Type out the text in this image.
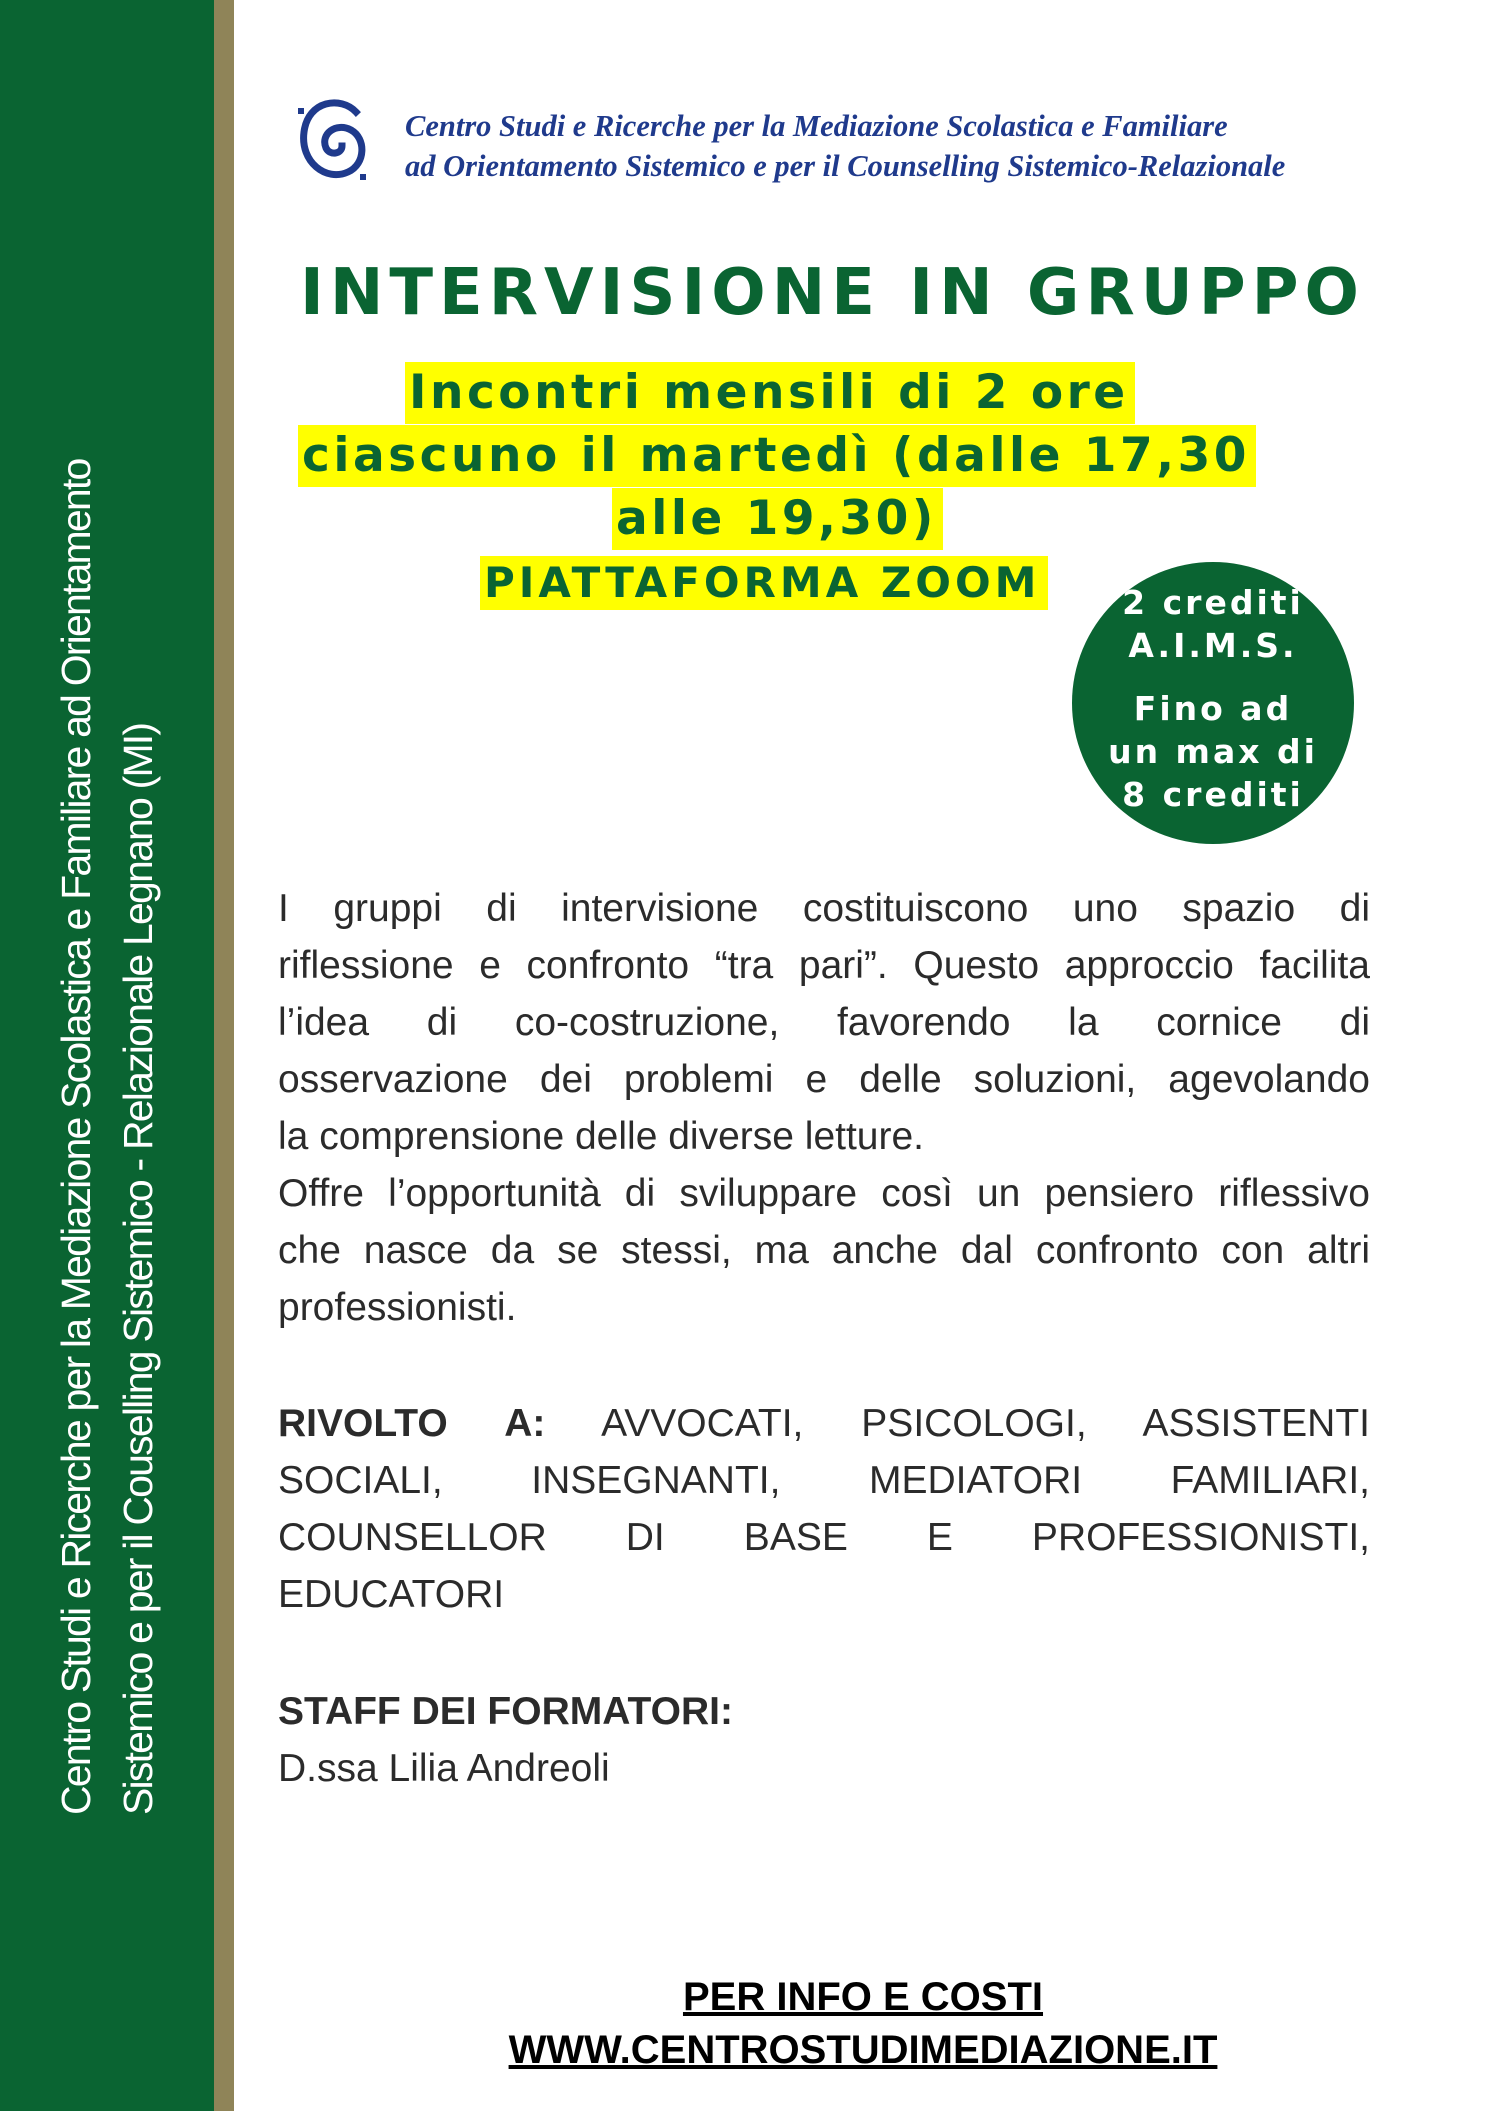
Centro Studi e Ricerche per la Mediazione Scolastica e Familiare ad Orientamento Sistemico e per il Couselling Sistemico - Relazionale Legnano (MI)
Centro Studi e Ricerche per la Mediazione Scolastica e Familiare
ad Orientamento Sistemico e per il Counselling Sistemico-Relazionale
INTERVISIONE IN GRUPPO
Incontri mensili di 2 ore
ciascuno il martedì (dalle 17,30
alle 19,30)
PIATTAFORMA ZOOM	2 crediti
A.I.M.S.
Fino ad
un max di
8 crediti

I gruppi di intervisione costituiscono uno spazio di

riflessione e confronto “tra pari”. Questo approccio facilita

l’idea di co-costruzione, favorendo la cornice di

osservazione dei problemi e delle soluzioni, agevolando

la comprensione delle diverse letture.

Offre l’opportunità di sviluppare così un pensiero riflessivo

che nasce da se stessi, ma anche dal confronto con altri

professionisti.

RIVOLTO A: AVVOCATI, PSICOLOGI, ASSISTENTI

SOCIALI, INSEGNANTI, MEDIATORI FAMILIARI,

COUNSELLOR DI BASE E PROFESSIONISTI,

EDUCATORI

STAFF DEI FORMATORI:
D.ssa Lilia Andreoli
PER INFO E COSTI
WWW.CENTROSTUDIMEDIAZIONE.IT
